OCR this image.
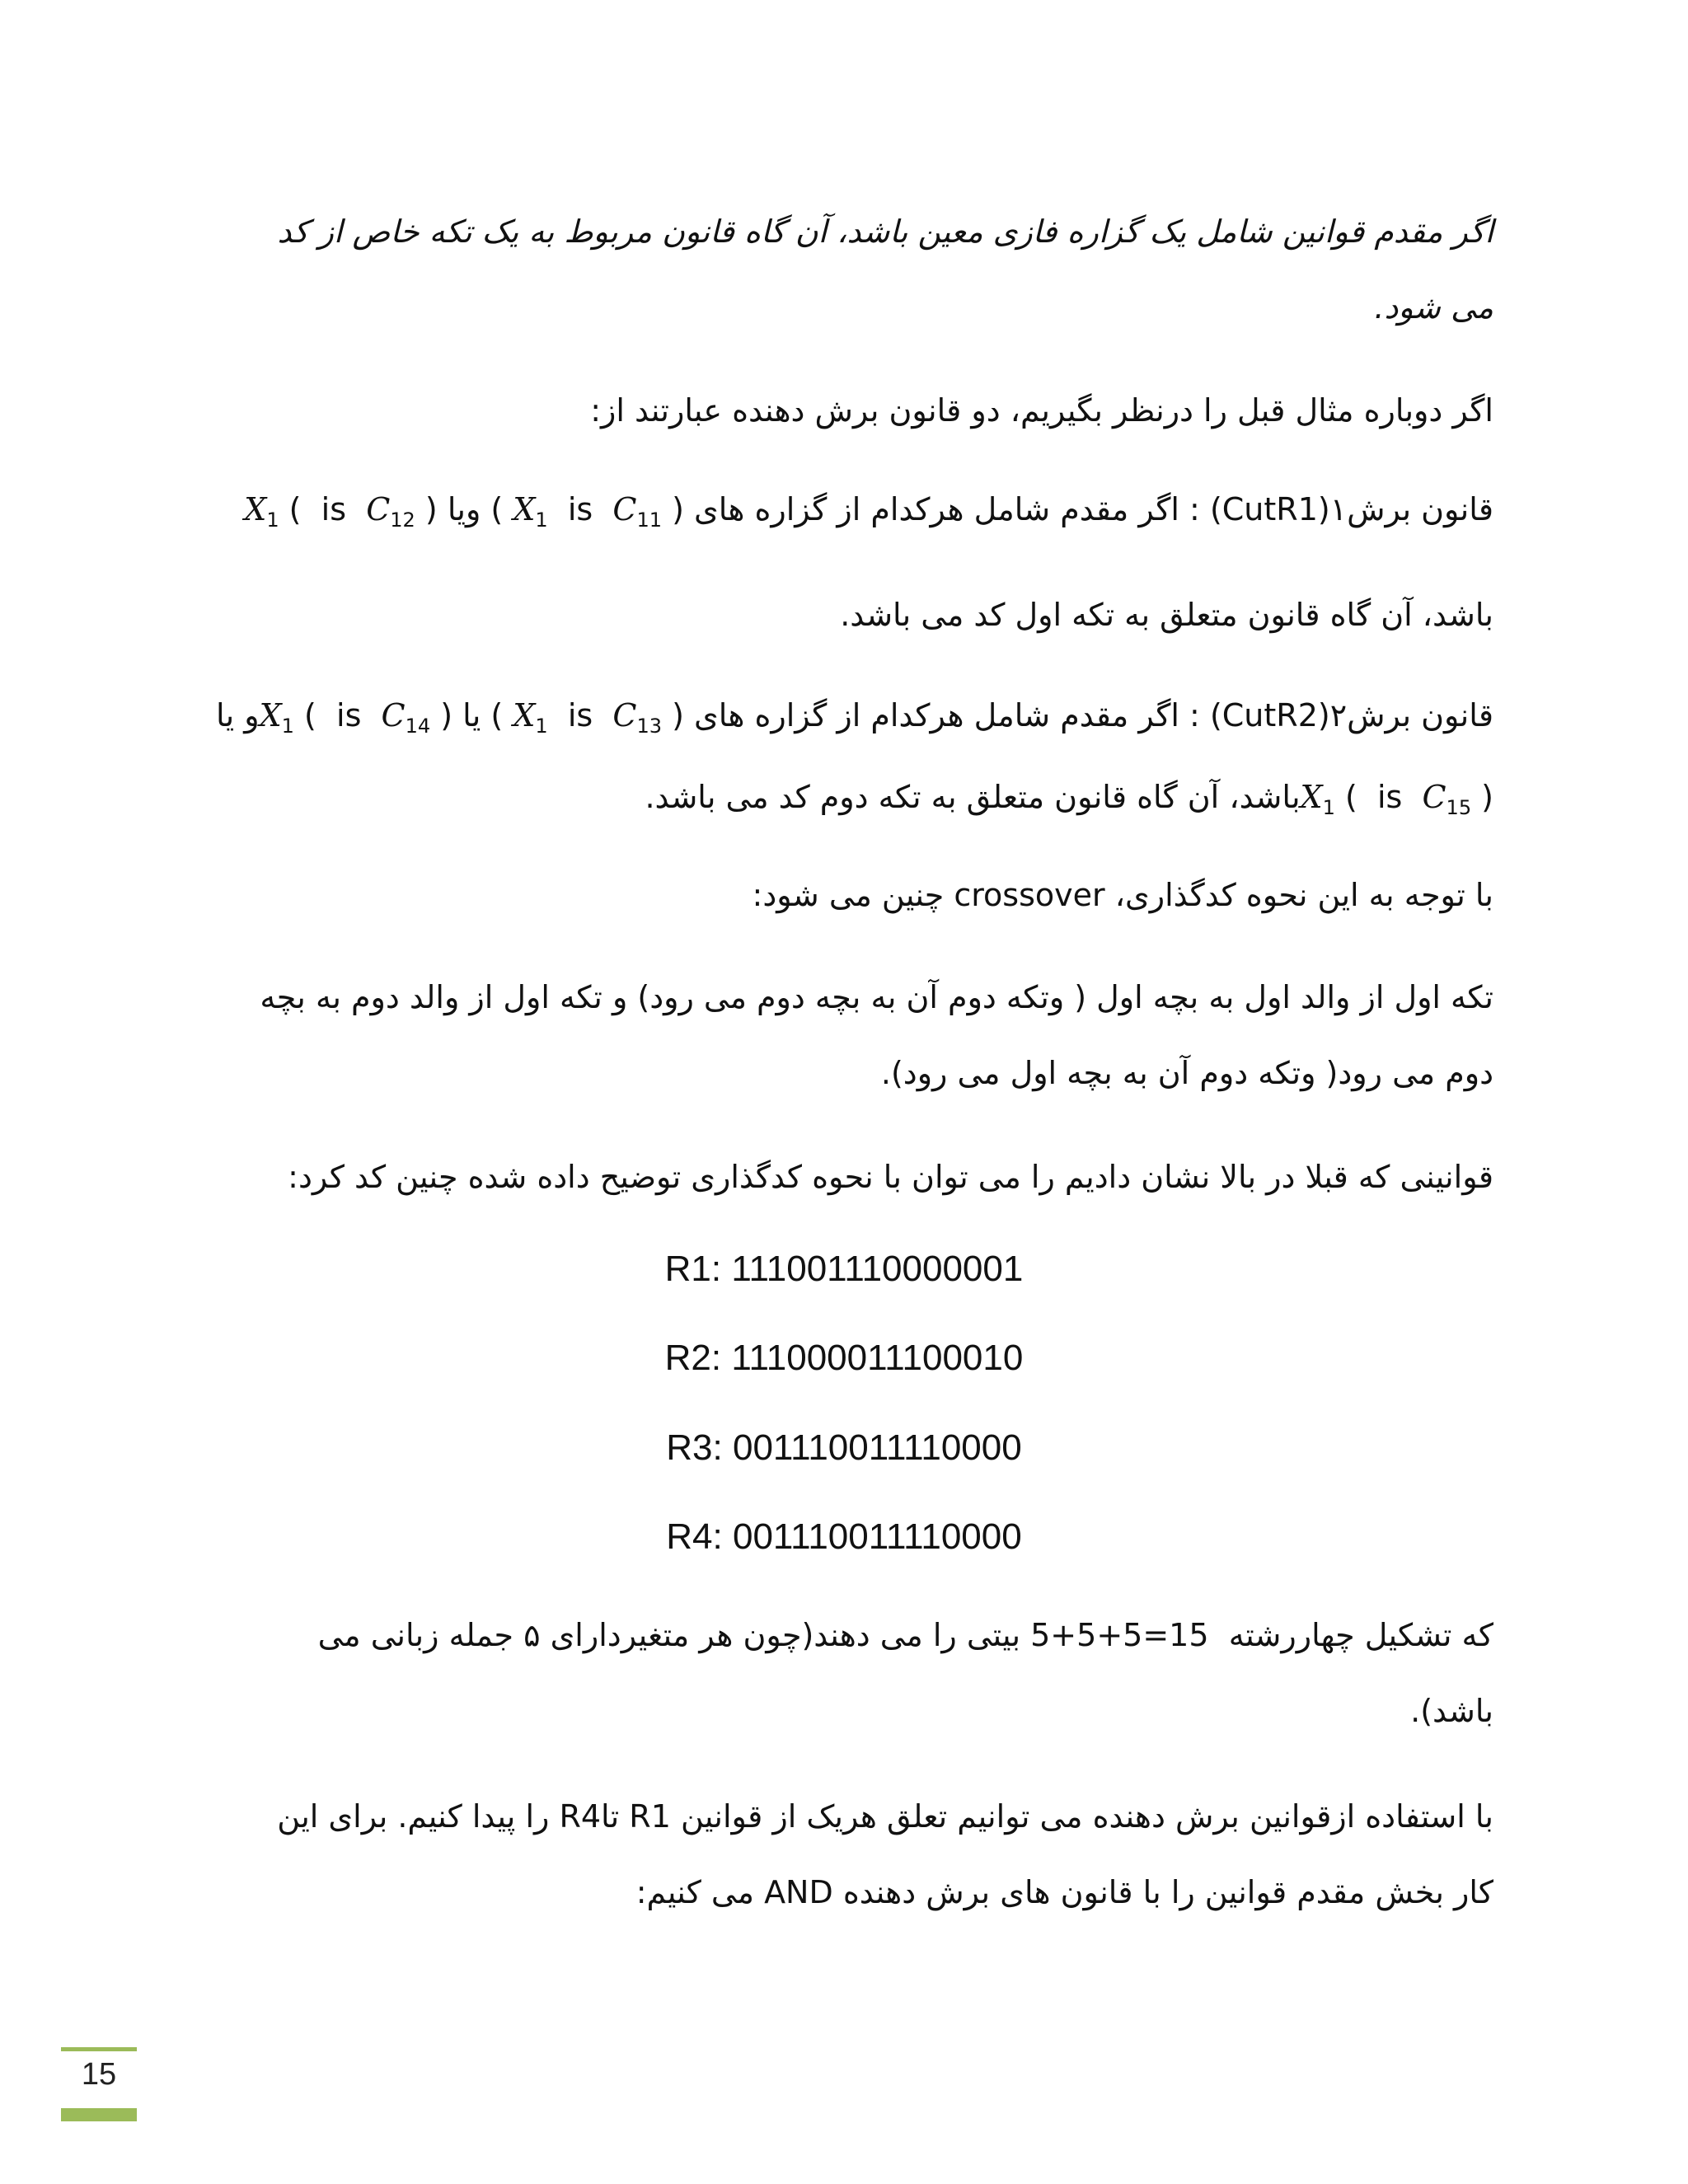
اگر مقدم قوانین شامل یک گزاره فازی معین باشد، آن گاه قانون مربوط به یک تکه خاص از کد
می شود.
اگر دوباره مثال قبل را درنظر بگیریم، دو قانون برش دهنده عبارتند از:
قانون برش۱(CutR1) : اگر مقدم شامل هرکدام از گزاره های ( $X_1$ is $C_{11}$ ) ویا $X_1$ (  is $C_{12}$ )
باشد، آن گاه قانون متعلق به تکه اول کد می باشد.
قانون برش۲(CutR2) : اگر مقدم شامل هرکدام از گزاره های ( $X_1$ is $C_{13}$ ) یا $X_1$ (  is $C_{14}$ )و یا
$X_1$ (  is $C_{15}$ )باشد، آن گاه قانون متعلق به تکه دوم کد می باشد.
با توجه به این نحوه کدگذاری، crossover چنین می شود:
تکه اول از والد اول به بچه اول ( وتکه دوم آن به بچه دوم می رود) و تکه اول از والد دوم به بچه
دوم می رود( وتکه دوم آن به بچه اول می رود).
قوانینی که قبلا در بالا نشان دادیم را می توان با نحوه کدگذاری توضیح داده شده چنین کد کرد:
R1: 111001110000001
R2: 111000011100010
R3: 001110011110000
R4: 001110011110000
که تشکیل چهاررشته  5+5+5=15 بیتی را می دهند(چون هر متغیردارای ۵ جمله زبانی می
باشد).
با استفاده ازقوانین برش دهنده می توانیم تعلق هریک از قوانین R1 تاR4 را پیدا کنیم. برای این
کار بخش مقدم قوانین را با قانون های برش دهنده AND می کنیم:
15
